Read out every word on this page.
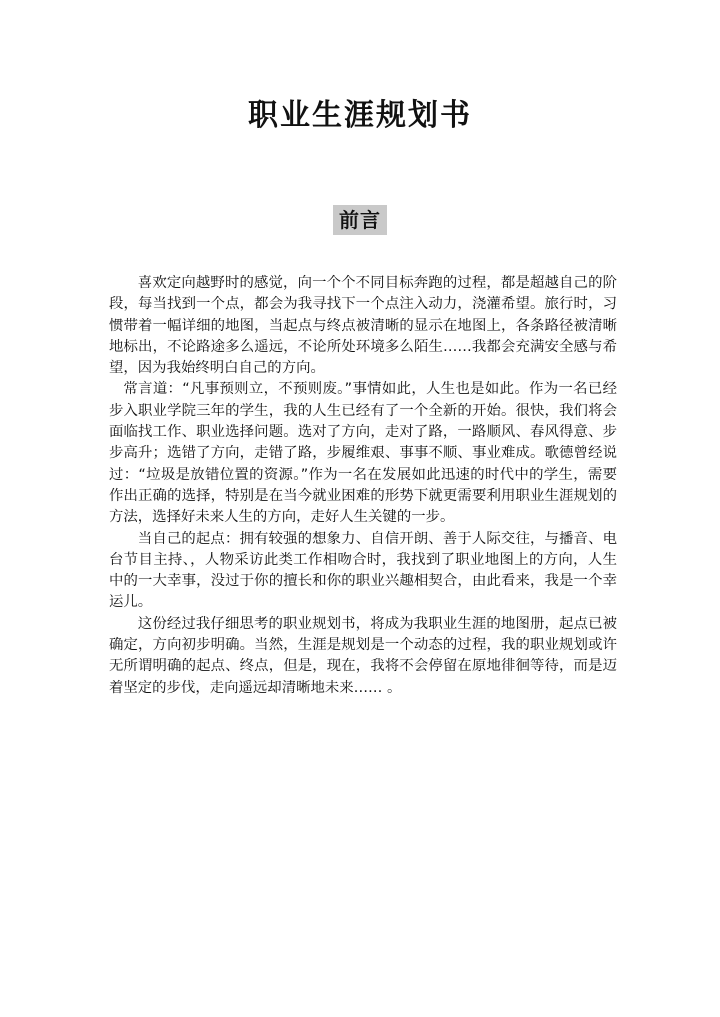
职业生涯规划书
前言

喜欢定向越野时的感觉，向一个个不同目标奔跑的过程，都是超越自己的阶段，每当找到一个点，都会为我寻找下一个点注入动力，浇灌希望。旅行时，习惯带着一幅详细的地图，当起点与终点被清晰的显示在地图上，各条路径被清晰地标出，不论路途多么遥远，不论所处环境多么陌生……我都会充满安全感与希望，因为我始终明白自己的方向。

常言道：“凡事预则立，不预则废。”事情如此，人生也是如此。作为一名已经步入职业学院三年的学生，我的人生已经有了一个全新的开始。很快，我们将会面临找工作、职业选择问题。选对了方向，走对了路，一路顺风、春风得意、步步高升；选错了方向，走错了路，步履维艰、事事不顺、事业难成。歌德曾经说过：“垃圾是放错位置的资源。”作为一名在发展如此迅速的时代中的学生，需要作出正确的选择，特别是在当今就业困难的形势下就更需要利用职业生涯规划的方法，选择好未来人生的方向，走好人生关键的一步。

当自己的起点：拥有较强的想象力、自信开朗、善于人际交往，与播音、电台节目主持、，人物采访此类工作相吻合时，我找到了职业地图上的方向，人生中的一大幸事，没过于你的擅长和你的职业兴趣相契合，由此看来，我是一个幸运儿。

这份经过我仔细思考的职业规划书，将成为我职业生涯的地图册，起点已被确定，方向初步明确。当然，生涯是规划是一个动态的过程，我的职业规划或许无所谓明确的起点、终点，但是，现在，我将不会停留在原地徘徊等待，而是迈着坚定的步伐，走向遥远却清晰地未来…… 。
